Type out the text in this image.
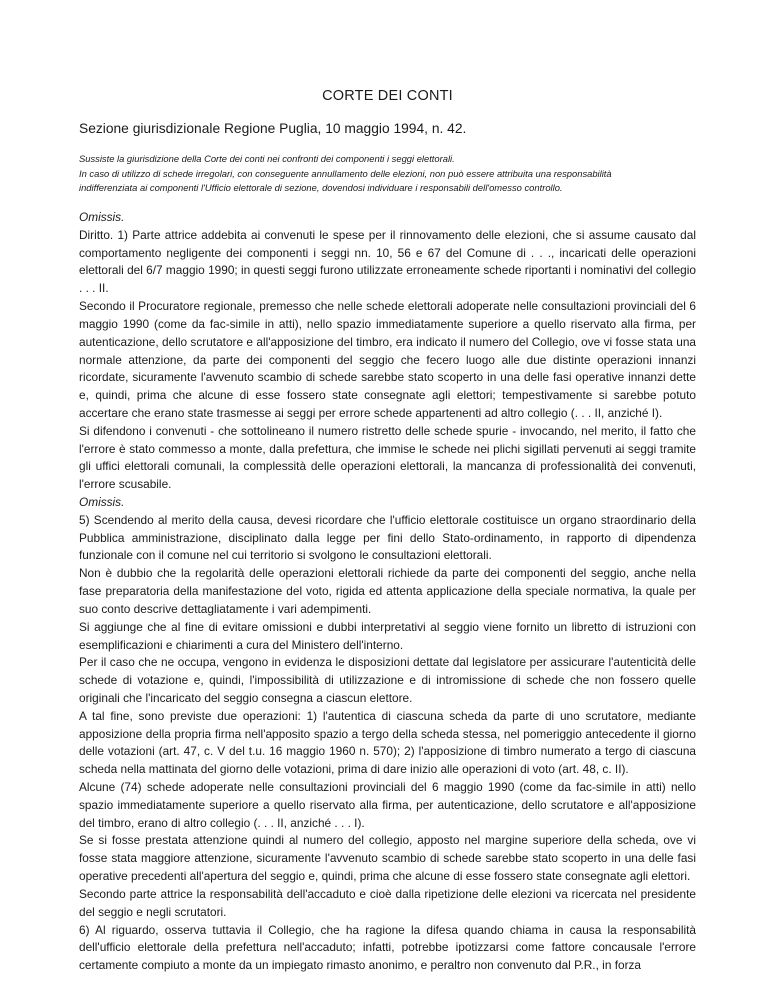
CORTE DEI CONTI
Sezione giurisdizionale Regione Puglia, 10 maggio 1994, n. 42.

Sussiste la giurisdizione della Corte dei conti nei confronti dei componenti i seggi elettorali.

In caso di utilizzo di schede irregolari, con conseguente annullamento delle elezioni, non può essere attribuita una responsabilità

indifferenziata ai componenti l'Ufficio elettorale di sezione, dovendosi individuare i responsabili dell'omesso controllo.

Omissis.

Diritto. 1) Parte attrice addebita ai convenuti le spese per il rinnovamento delle elezioni, che si assume causato dal comportamento negligente dei componenti i seggi nn. 10, 56 e 67 del Comune di . . ., incaricati delle operazioni elettorali del 6/7 maggio 1990; in questi seggi furono utilizzate erroneamente schede riportanti i nominativi del collegio . . . II.

Secondo il Procuratore regionale, premesso che nelle schede elettorali adoperate nelle consultazioni provinciali del 6 maggio 1990 (come da fac-simile in atti), nello spazio immediatamente superiore a quello riservato alla firma, per autenticazione, dello scrutatore e all'apposizione del timbro, era indicato il numero del Collegio, ove vi fosse stata una normale attenzione, da parte dei componenti del seggio che fecero luogo alle due distinte operazioni innanzi ricordate, sicuramente l'avvenuto scambio di schede sarebbe stato scoperto in una delle fasi operative innanzi dette e, quindi, prima che alcune di esse fossero state consegnate agli elettori; tempestivamente si sarebbe potuto accertare che erano state trasmesse ai seggi per errore schede appartenenti ad altro collegio (. . . II, anziché I).

Si difendono i convenuti - che sottolineano il numero ristretto delle schede spurie - invocando, nel merito, il fatto che l'errore è stato commesso a monte, dalla prefettura, che immise le schede nei plichi sigillati pervenuti ai seggi tramite gli uffici elettorali comunali, la complessità delle operazioni elettorali, la mancanza di professionalità dei convenuti, l'errore scusabile.

Omissis.

5) Scendendo al merito della causa, devesi ricordare che l'ufficio elettorale costituisce un organo straordinario della Pubblica amministrazione, disciplinato dalla legge per fini dello Stato-ordinamento, in rapporto di dipendenza funzionale con il comune nel cui territorio si svolgono le consultazioni elettorali.

Non è dubbio che la regolarità delle operazioni elettorali richiede da parte dei componenti del seggio, anche nella fase preparatoria della manifestazione del voto, rigida ed attenta applicazione della speciale normativa, la quale per suo conto descrive dettagliatamente i vari adempimenti.

Si aggiunge che al fine di evitare omissioni e dubbi interpretativi al seggio viene fornito un libretto di istruzioni con esemplificazioni e chiarimenti a cura del Ministero dell'interno.

Per il caso che ne occupa, vengono in evidenza le disposizioni dettate dal legislatore per assicurare l'autenticità delle schede di votazione e, quindi, l'impossibilità di utilizzazione e di intromissione di schede che non fossero quelle originali che l'incaricato del seggio consegna a ciascun elettore.

A tal fine, sono previste due operazioni: 1) l'autentica di ciascuna scheda da parte di uno scrutatore, mediante apposizione della propria firma nell'apposito spazio a tergo della scheda stessa, nel pomeriggio antecedente il giorno delle votazioni (art. 47, c. V del t.u. 16 maggio 1960 n. 570); 2) l'apposizione di timbro numerato a tergo di ciascuna scheda nella mattinata del giorno delle votazioni, prima di dare inizio alle operazioni di voto (art. 48, c. II).

Alcune (74) schede adoperate nelle consultazioni provinciali del 6 maggio 1990 (come da fac-simile in atti) nello spazio immediatamente superiore a quello riservato alla firma, per autenticazione, dello scrutatore e all'apposizione del timbro, erano di altro collegio (. . . II, anziché . . . I).

Se si fosse prestata attenzione quindi al numero del collegio, apposto nel margine superiore della scheda, ove vi fosse stata maggiore attenzione, sicuramente l'avvenuto scambio di schede sarebbe stato scoperto in una delle fasi operative precedenti all'apertura del seggio e, quindi, prima che alcune di esse fossero state consegnate agli elettori.

Secondo parte attrice la responsabilità dell'accaduto e cioè dalla ripetizione delle elezioni va ricercata nel presidente del seggio e negli scrutatori.

6) Al riguardo, osserva tuttavia il Collegio, che ha ragione la difesa quando chiama in causa la responsabilità dell'ufficio elettorale della prefettura nell'accaduto; infatti, potrebbe ipotizzarsi come fattore concausale l'errore certamente compiuto a monte da un impiegato rimasto anonimo, e peraltro non convenuto dal P.R., in forza
